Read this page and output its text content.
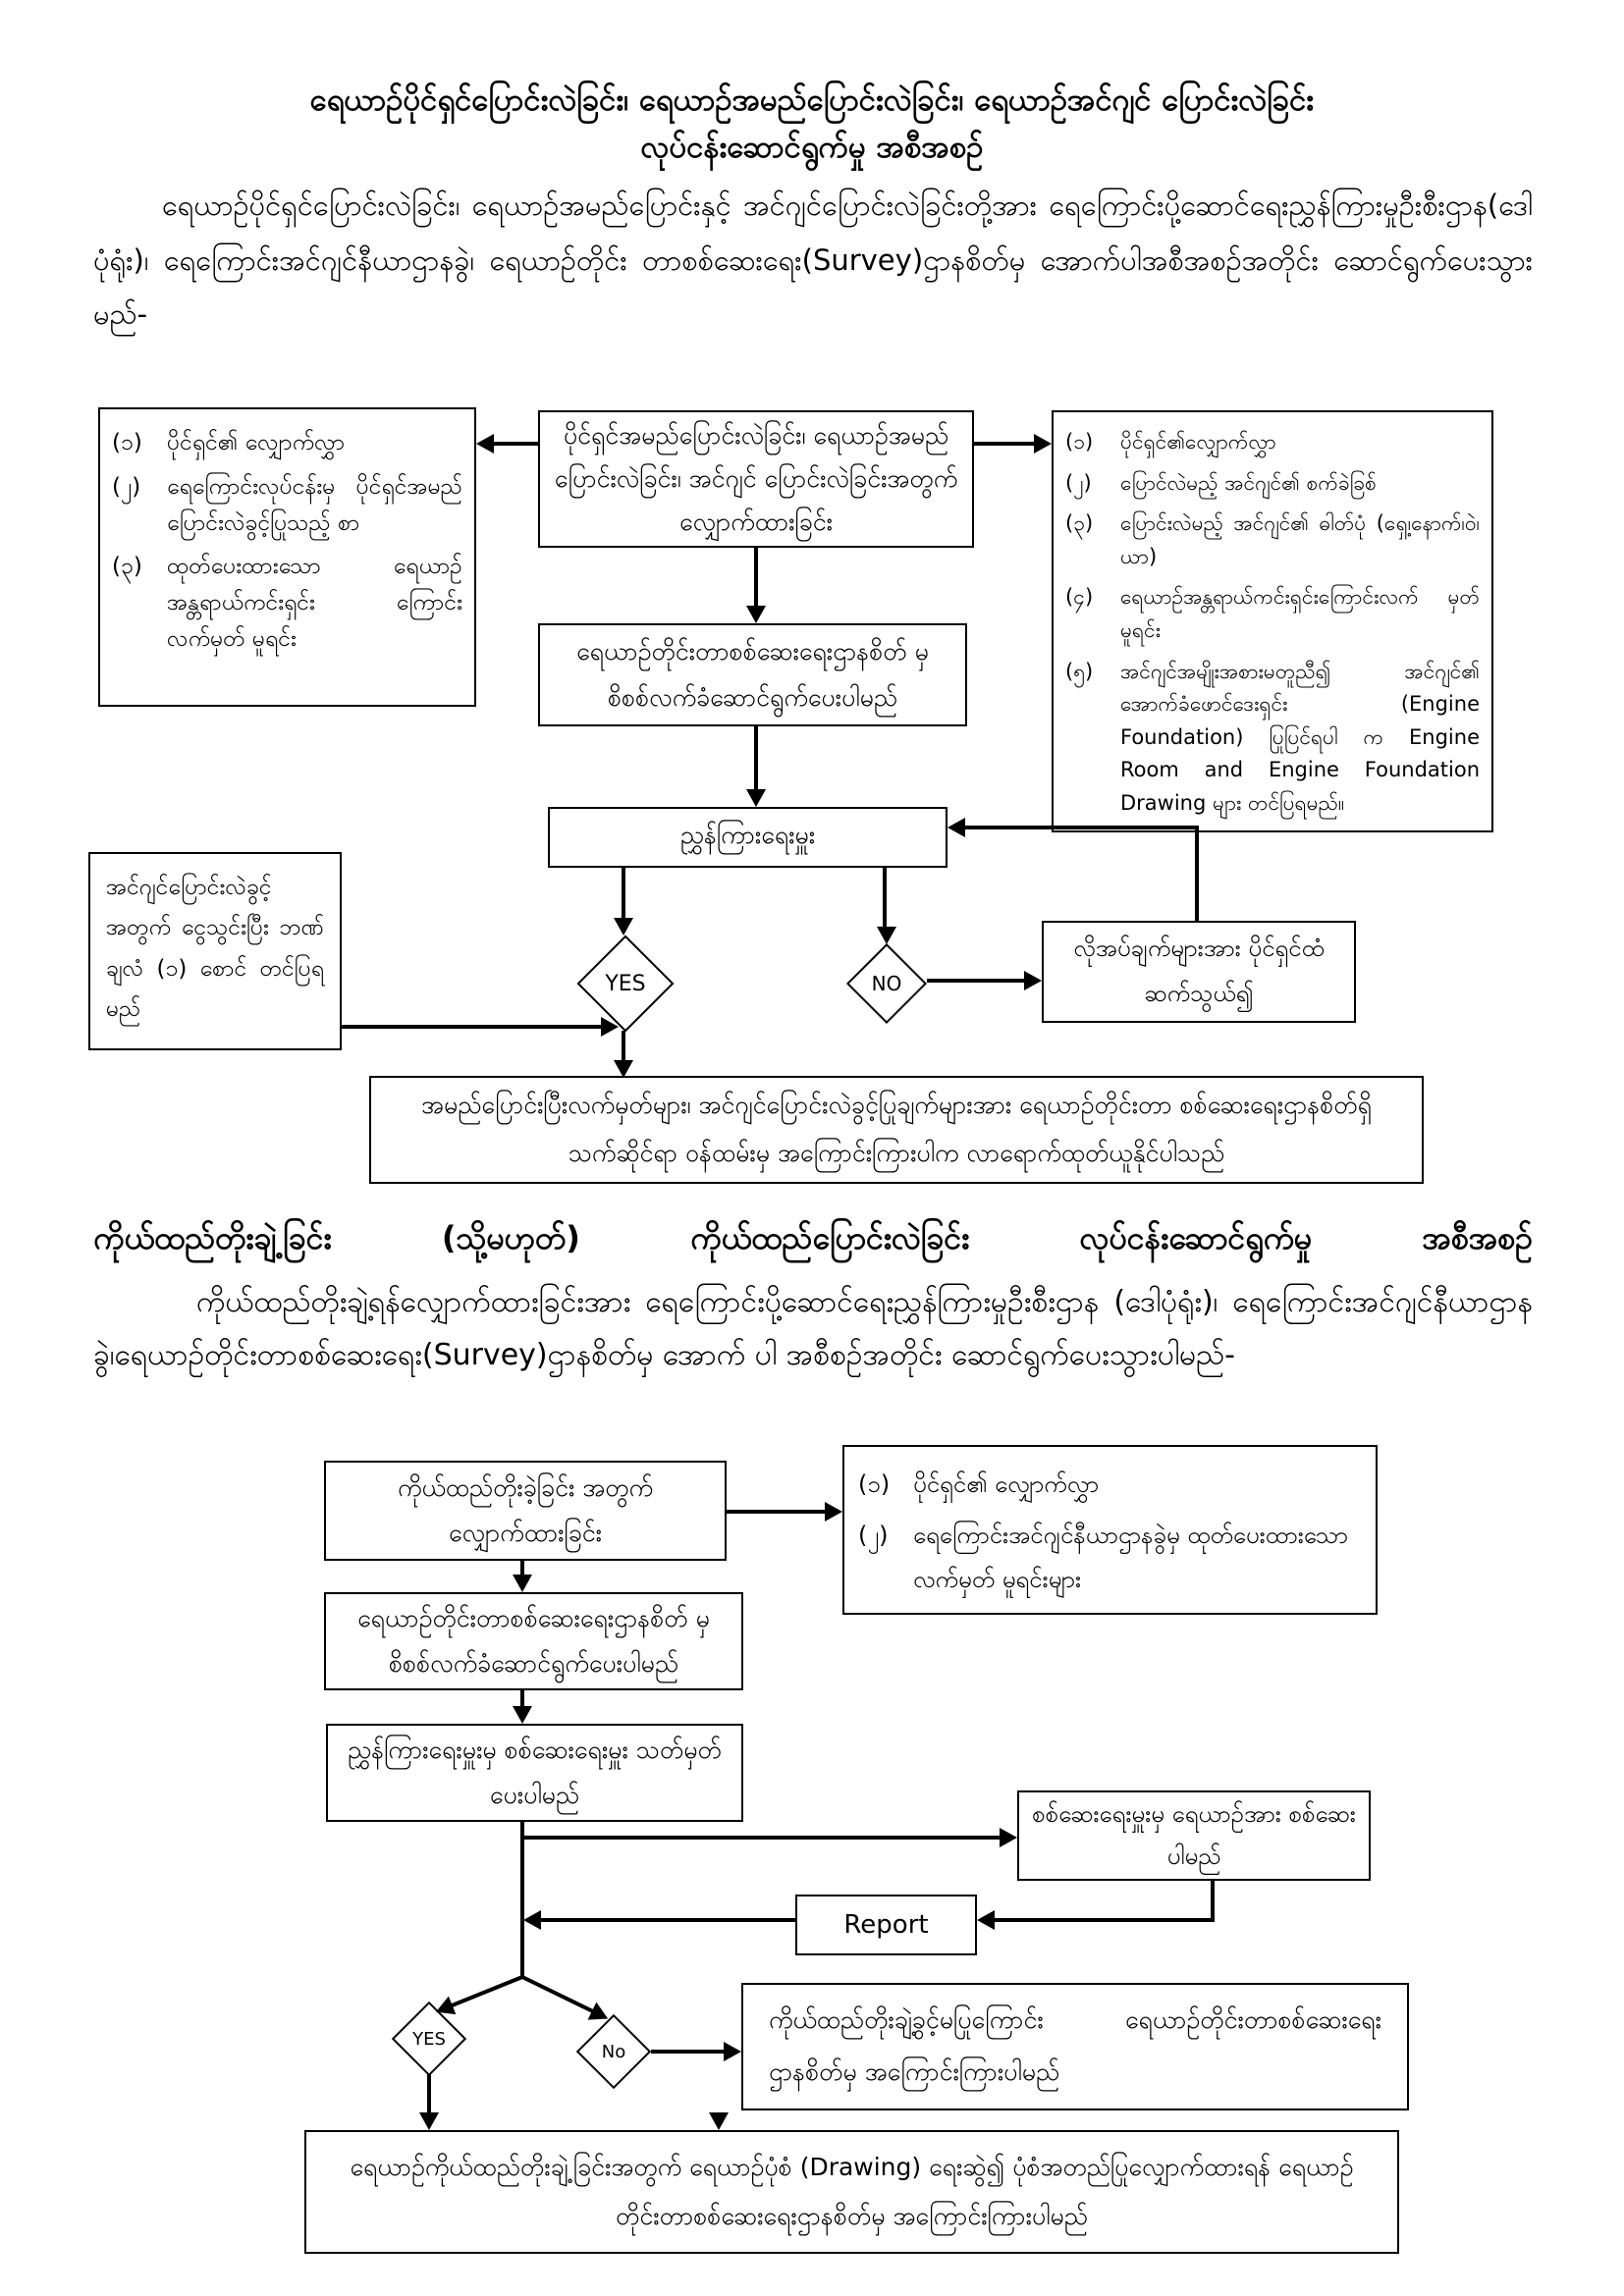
ရေယာဉ်ပိုင်ရှင်ပြောင်းလဲခြင်း၊ ရေယာဉ်အမည်ပြောင်းလဲခြင်း၊ ရေယာဉ်အင်ဂျင် ပြောင်းလဲခြင်း
လုပ်ငန်းဆောင်ရွက်မှု အစီအစဉ်
ရေယာဉ်ပိုင်ရှင်ပြောင်းလဲခြင်း၊ ရေယာဉ်အမည်ပြောင်းနှင့် အင်ဂျင်ပြောင်းလဲခြင်းတို့အား ရေကြောင်းပို့ဆောင်ရေးညွှန်ကြားမှုဦးစီးဌာန(ဒေါပုံရုံး)၊ ရေကြောင်းအင်ဂျင်နီယာဌာနခွဲ၊ ရေယာဉ်တိုင်း တာစစ်ဆေးရေး(Survey)ဌာနစိတ်မှ အောက်ပါအစီအစဉ်အတိုင်း ဆောင်ရွက်ပေးသွားမည်-
(၁)	ပိုင်ရှင်၏ လျှောက်လွှာ
(၂)	ရေကြောင်းလုပ်ငန်းမှ ပိုင်ရှင်အမည်ပြောင်းလဲခွင့်ပြုသည့် စာ
(၃)	ထုတ်ပေးထားသော ရေယာဉ်အန္တရာယ်ကင်းရှင်း ကြောင်းလက်မှတ် မူရင်း
ပိုင်ရှင်အမည်ပြောင်းလဲခြင်း၊ ရေယာဉ်အမည်ပြောင်းလဲခြင်း၊ အင်ဂျင် ပြောင်းလဲခြင်းအတွက် လျှောက်ထားခြင်း
(၁)	ပိုင်ရှင်၏လျှောက်လွှာ
(၂)	ပြောင်လဲမည့် အင်ဂျင်၏ စက်ခဲခြစ်
(၃)	ပြောင်းလဲမည့် အင်ဂျင်၏ ဓါတ်ပုံ (ရှေ့၊နောက်၊ဝဲ၊ယာ)
(၄)	ရေယာဉ်အန္တရာယ်ကင်းရှင်းကြောင်းလက် မှတ် မူရင်း
(၅)	အင်ဂျင်အမျိုးအစားမတူညီ၍ အင်ဂျင်၏ အောက်ခံဖောင်ဒေးရှင်း (Engine Foundation) ပြုပြင်ရပါ က Engine Room and Engine Foundation Drawing များ တင်ပြရမည်။
ရေယာဉ်တိုင်းတာစစ်ဆေးရေးဌာနစိတ် မှ စိစစ်လက်ခံဆောင်ရွက်ပေးပါမည်
ညွှန်ကြားရေးမှူး
အင်ဂျင်ပြောင်းလဲခွင့် အတွက် ငွေသွင်းပြီး ဘဏ်ချလံ (၁) စောင် တင်ပြရ မည်
လိုအပ်ချက်များအား ပိုင်ရှင်ထံ ဆက်သွယ်၍
အမည်ပြောင်းပြီးလက်မှတ်များ၊ အင်ဂျင်ပြောင်းလဲခွင့်ပြုချက်များအား ရေယာဉ်တိုင်းတာ စစ်ဆေးရေးဌာနစိတ်ရှိ သက်ဆိုင်ရာ ဝန်ထမ်းမှ အကြောင်းကြားပါက လာရောက်ထုတ်ယူနိုင်ပါသည်
YES	NO
ကိုယ်ထည်တိုးချဲ့ခြင်း (သို့မဟုတ်) ကိုယ်ထည်ပြောင်းလဲခြင်း လုပ်ငန်းဆောင်ရွက်မှု အစီအစဉ်
ကိုယ်ထည်တိုးချဲ့ရန်လျှောက်ထားခြင်းအား ရေကြောင်းပို့ဆောင်ရေးညွှန်ကြားမှုဦးစီးဌာန (ဒေါပုံရုံး)၊ ရေကြောင်းအင်ဂျင်နီယာဌာနခွဲ၊ရေယာဉ်တိုင်းတာစစ်ဆေးရေး(Survey)ဌာနစိတ်မှ အောက် ပါ အစီစဉ်အတိုင်း ဆောင်ရွက်ပေးသွားပါမည်-
ကိုယ်ထည်တိုးခဲ့ခြင်း အတွက် လျှောက်ထားခြင်း
(၁) ပိုင်ရှင်၏ လျှောက်လွှာ
(၂)	ရေကြောင်းအင်ဂျင်နီယာဌာနခွဲမှ ထုတ်ပေးထားသော လက်မှတ် မူရင်းများ
ရေယာဉ်တိုင်းတာစစ်ဆေးရေးဌာနစိတ် မှ စိစစ်လက်ခံဆောင်ရွက်ပေးပါမည်
ညွှန်ကြားရေးမှူးမှ စစ်ဆေးရေးမှူး သတ်မှတ်ပေးပါမည်
စစ်ဆေးရေးမှူးမှ ရေယာဉ်အား စစ်ဆေးပါမည်
Report
ကိုယ်ထည်တိုးချဲ့ခွင့်မပြုကြောင်း ရေယာဉ်တိုင်းတာစစ်ဆေးရေးဌာနစိတ်မှ အကြောင်းကြားပါမည်
ရေယာဉ်ကိုယ်ထည်တိုးချဲ့ခြင်းအတွက် ရေယာဉ်ပုံစံ (Drawing) ရေးဆွဲ၍ ပုံစံအတည်ပြုလျှောက်ထားရန် ရေယာဉ်တိုင်းတာစစ်ဆေးရေးဌာနစိတ်မှ အကြောင်းကြားပါမည်
YES
No
